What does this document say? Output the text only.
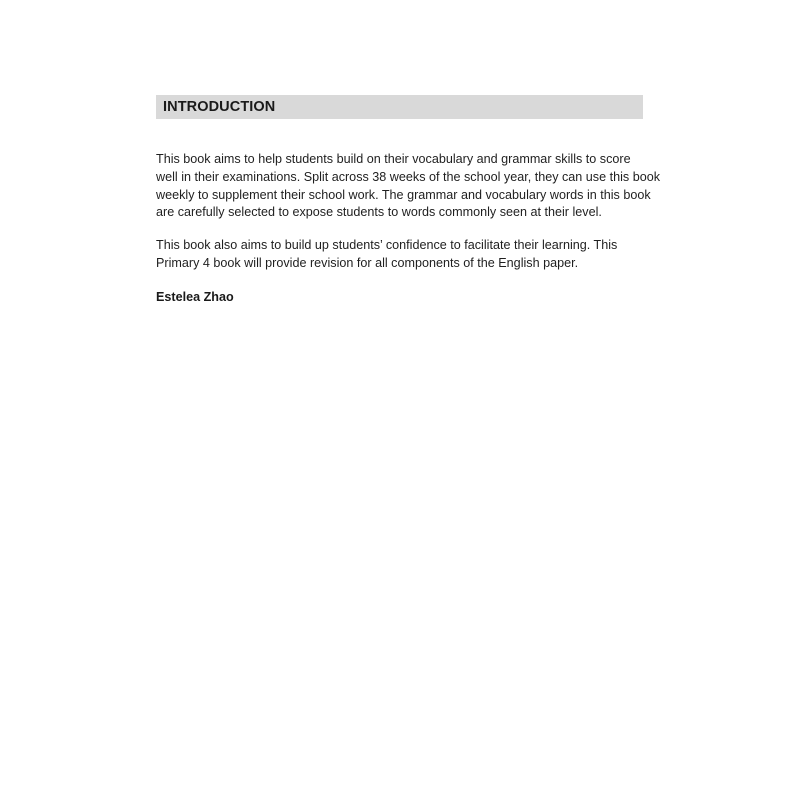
INTRODUCTION

This book aims to help students build on their vocabulary and grammar skills to score
well in their examinations. Split across 38 weeks of the school year, they can use this book
weekly to supplement their school work. The grammar and vocabulary words in this book
are carefully selected to expose students to words commonly seen at their level.

This book also aims to build up students’ confidence to facilitate their learning. This
Primary 4 book will provide revision for all components of the English paper.

Estelea Zhao
